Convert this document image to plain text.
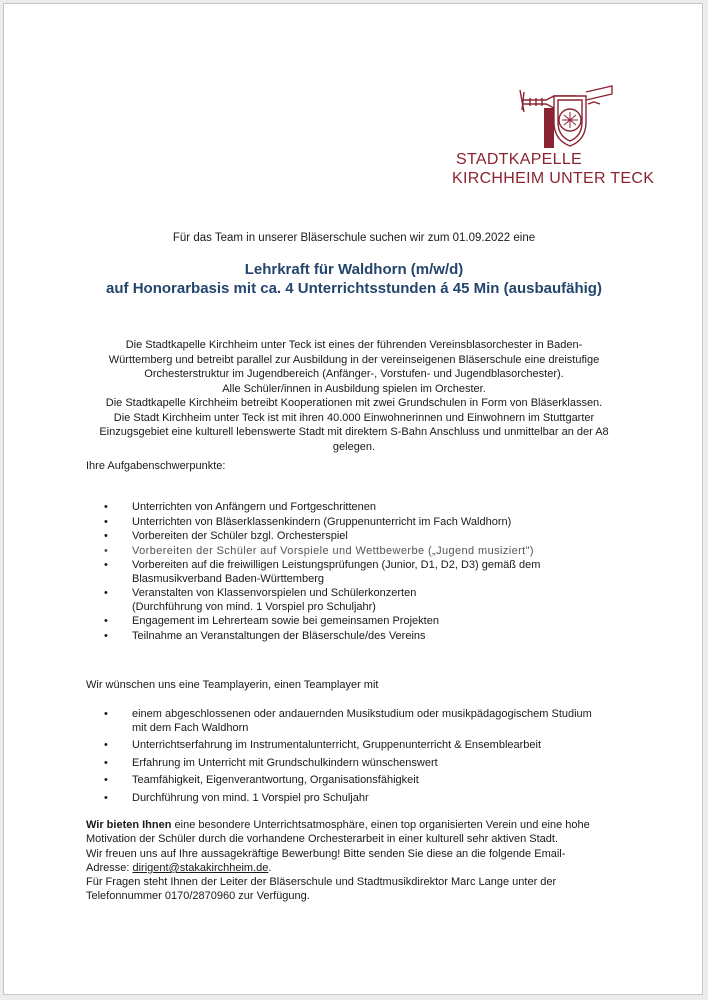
STADTKAPELLE
KIRCHHEIM UNTER TECK
Für das Team in unserer Bläserschule suchen wir zum 01.09.2022 eine
Lehrkraft für Waldhorn (m/w/d)
auf Honorarbasis mit ca. 4 Unterrichtsstunden á 45 Min (ausbaufähig)
Die Stadtkapelle Kirchheim unter Teck ist eines der führenden Vereinsblasorchester in Baden-
Württemberg und betreibt parallel zur Ausbildung in der vereinseigenen Bläserschule eine dreistufige
Orchesterstruktur im Jugendbereich (Anfänger-, Vorstufen- und Jugendblasorchester).
Alle Schüler/innen in Ausbildung spielen im Orchester.
Die Stadtkapelle Kirchheim betreibt Kooperationen mit zwei Grundschulen in Form von Bläserklassen.
Die Stadt Kirchheim unter Teck ist mit ihren 40.000 Einwohnerinnen und Einwohnern im Stuttgarter
Einzugsgebiet eine kulturell lebenswerte Stadt mit direktem S-Bahn Anschluss und unmittelbar an der A8
gelegen.
Ihre Aufgabenschwerpunkte:
• Unterrichten von Anfängern und Fortgeschrittenen
• Unterrichten von Bläserklassenkindern (Gruppenunterricht im Fach Waldhorn)
• Vorbereiten der Schüler bzgl. Orchesterspiel
• Vorbereiten der Schüler auf Vorspiele und Wettbewerbe („Jugend musiziert")
• Vorbereiten auf die freiwilligen Leistungsprüfungen (Junior, D1, D2, D3) gemäß dem
Blasmusikverband Baden-Württemberg
• Veranstalten von Klassenvorspielen und Schülerkonzerten
(Durchführung von mind. 1 Vorspiel pro Schuljahr)
• Engagement im Lehrerteam sowie bei gemeinsamen Projekten
• Teilnahme an Veranstaltungen der Bläserschule/des Vereins
Wir wünschen uns eine Teamplayerin, einen Teamplayer mit
• einem abgeschlossenen oder andauernden Musikstudium oder musikpädagogischem Studium
mit dem Fach Waldhorn
• Unterrichtserfahrung im Instrumentalunterricht, Gruppenunterricht & Ensemblearbeit
• Erfahrung im Unterricht mit Grundschulkindern wünschenswert
• Teamfähigkeit, Eigenverantwortung, Organisationsfähigkeit
• Durchführung von mind. 1 Vorspiel pro Schuljahr
Wir bieten Ihnen eine besondere Unterrichtsatmosphäre, einen top organisierten Verein und eine hohe
Motivation der Schüler durch die vorhandene Orchesterarbeit in einer kulturell sehr aktiven Stadt.
Wir freuen uns auf Ihre aussagekräftige Bewerbung! Bitte senden Sie diese an die folgende Email-
Adresse: dirigent@stakakirchheim.de.
Für Fragen steht Ihnen der Leiter der Bläserschule und Stadtmusikdirektor Marc Lange unter der
Telefonnummer 0170/2870960 zur Verfügung.
